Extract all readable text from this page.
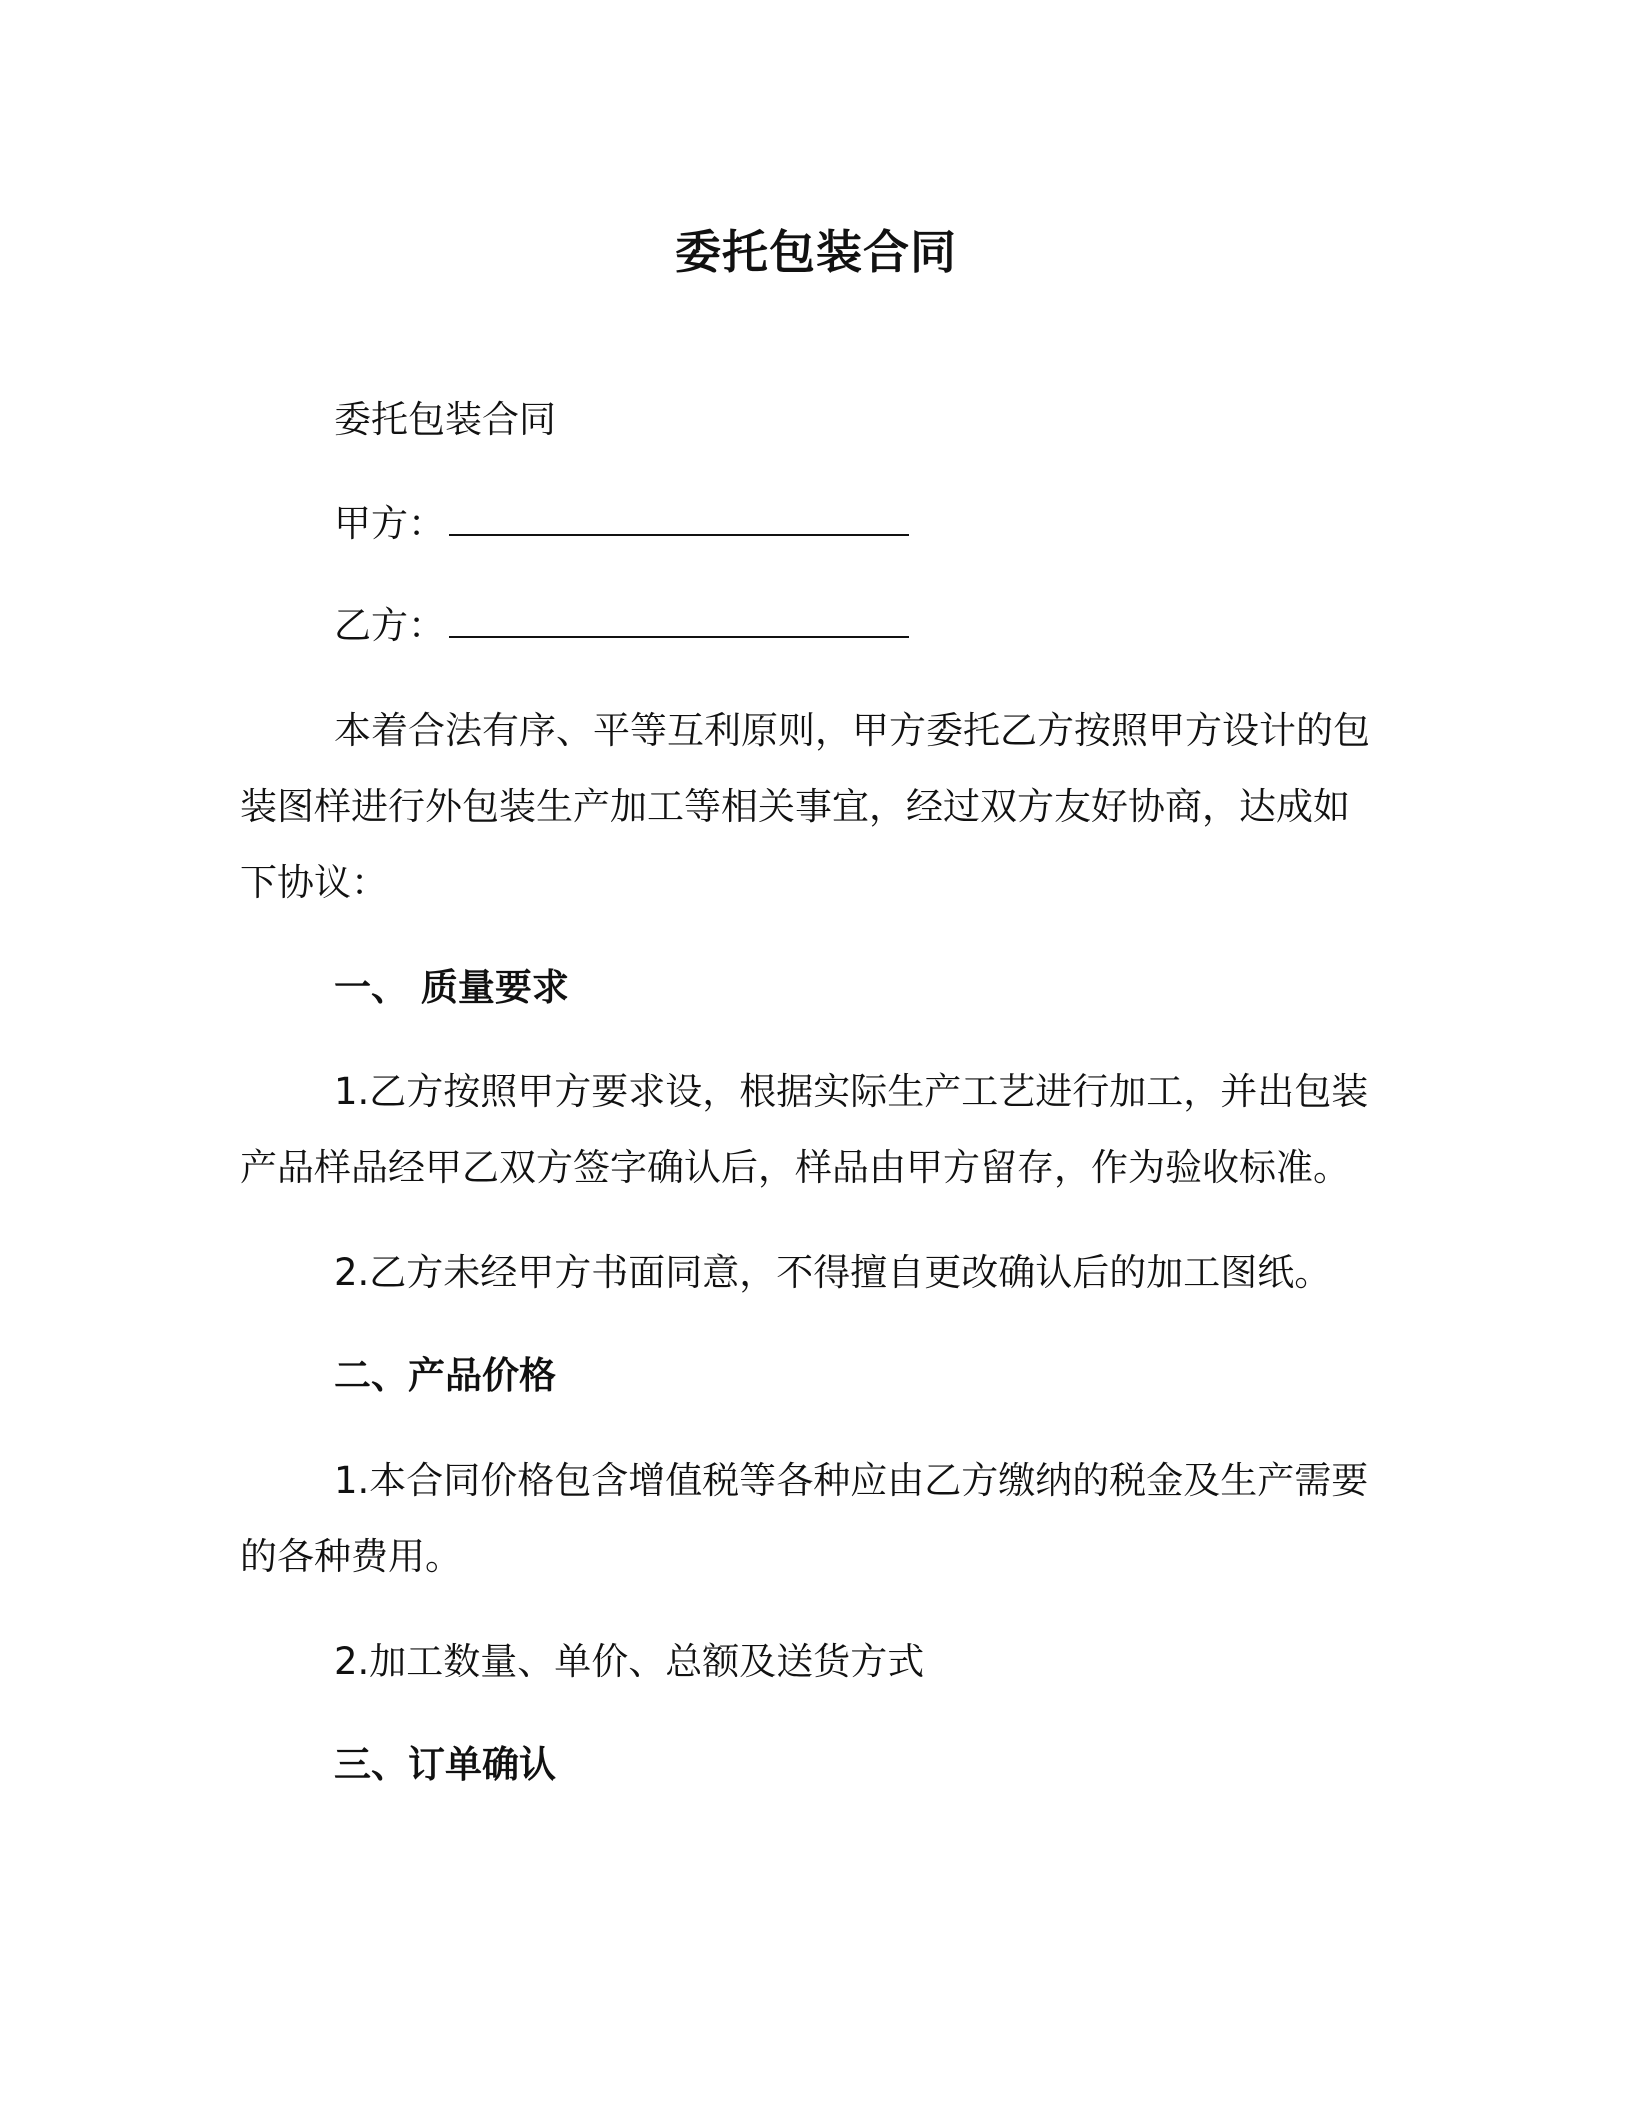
委托包装合同
委托包装合同
甲方：
乙方：
本着合法有序、平等互利原则，甲方委托乙方按照甲方设计的包
装图样进行外包装生产加工等相关事宜，经过双方友好协商，达成如
下协议：
一、 质量要求
1.乙方按照甲方要求设，根据实际生产工艺进行加工，并出包装
产品样品经甲乙双方签字确认后，样品由甲方留存，作为验收标准。
2.乙方未经甲方书面同意，不得擅自更改确认后的加工图纸。
二、产品价格
1.本合同价格包含增值税等各种应由乙方缴纳的税金及生产需要
的各种费用。
2.加工数量、单价、总额及送货方式
三、订单确认
